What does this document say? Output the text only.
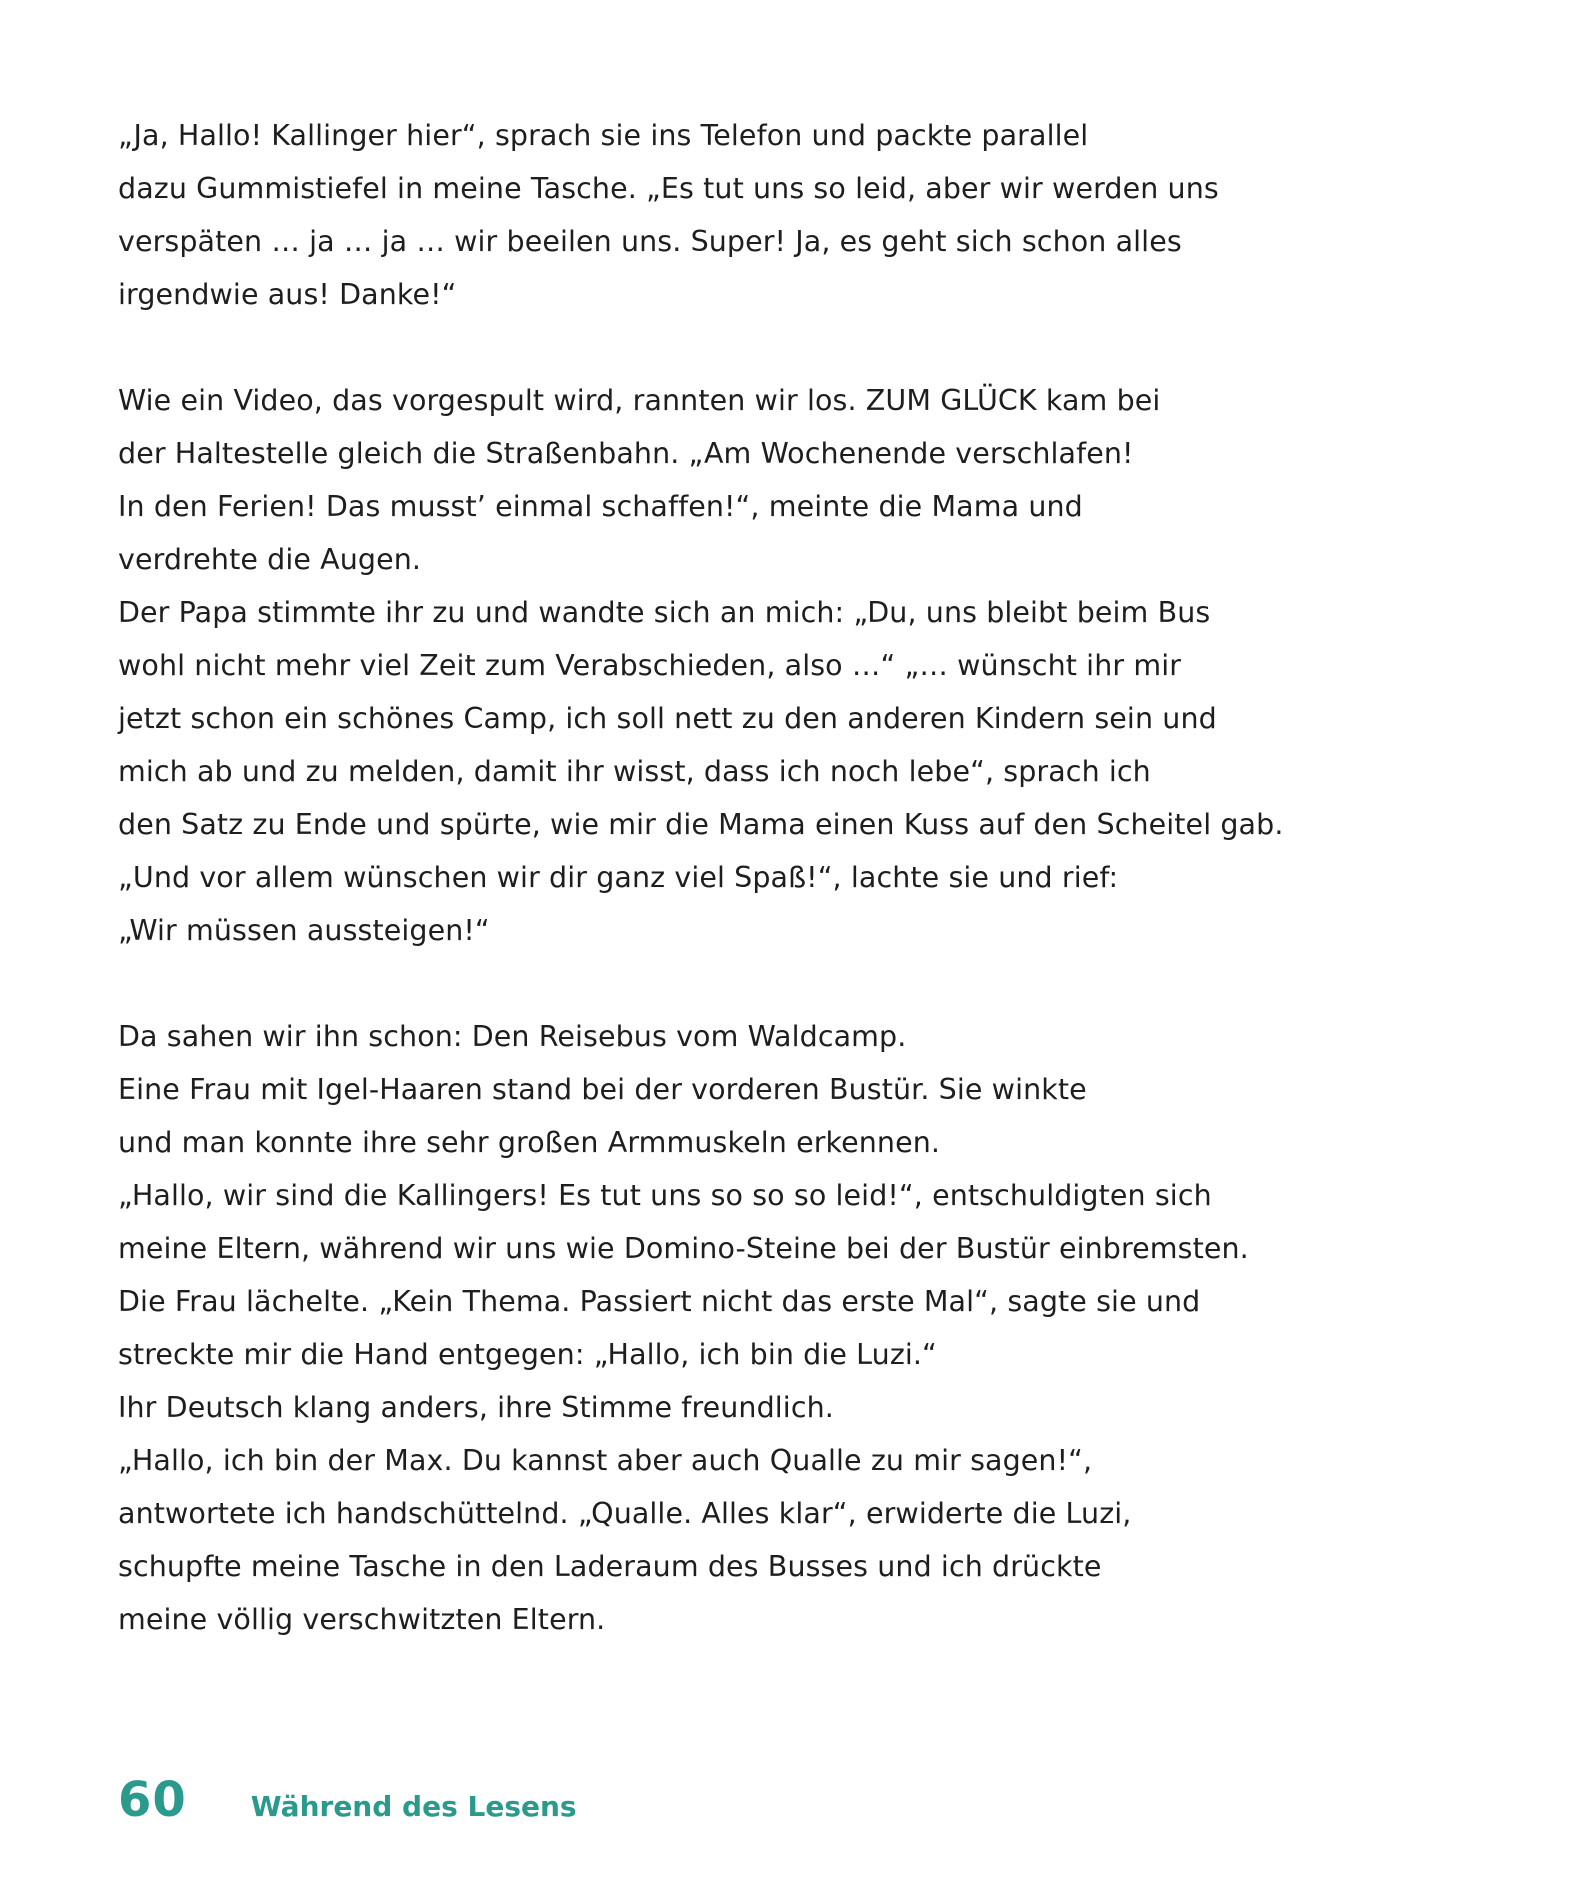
„Ja, Hallo! Kallinger hier“, sprach sie ins Telefon und packte parallel
dazu Gummistiefel in meine Tasche. „Es tut uns so leid, aber wir werden uns
verspäten … ja … ja … wir beeilen uns. Super! Ja, es geht sich schon alles
irgendwie aus! Danke!“
Wie ein Video, das vorgespult wird, rannten wir los. ZUM GLÜCK kam bei
der Haltestelle gleich die Straßenbahn. „Am Wochenende verschlafen!
In den Ferien! Das musst’ einmal schaffen!“, meinte die Mama und
verdrehte die Augen.
Der Papa stimmte ihr zu und wandte sich an mich: „Du, uns bleibt beim Bus
wohl nicht mehr viel Zeit zum Verabschieden, also …“ „… wünscht ihr mir
jetzt schon ein schönes Camp, ich soll nett zu den anderen Kindern sein und
mich ab und zu melden, damit ihr wisst, dass ich noch lebe“, sprach ich
den Satz zu Ende und spürte, wie mir die Mama einen Kuss auf den Scheitel gab.
„Und vor allem wünschen wir dir ganz viel Spaß!“, lachte sie und rief:
„Wir müssen aussteigen!“
Da sahen wir ihn schon: Den Reisebus vom Waldcamp.
Eine Frau mit Igel-Haaren stand bei der vorderen Bustür. Sie winkte
und man konnte ihre sehr großen Armmuskeln erkennen.
„Hallo, wir sind die Kallingers! Es tut uns so so so leid!“, entschuldigten sich
meine Eltern, während wir uns wie Domino-Steine bei der Bustür einbremsten.
Die Frau lächelte. „Kein Thema. Passiert nicht das erste Mal“, sagte sie und
streckte mir die Hand entgegen: „Hallo, ich bin die Luzi.“
Ihr Deutsch klang anders, ihre Stimme freundlich.
„Hallo, ich bin der Max. Du kannst aber auch Qualle zu mir sagen!“,
antwortete ich handschüttelnd. „Qualle. Alles klar“, erwiderte die Luzi,
schupfte meine Tasche in den Laderaum des Busses und ich drückte
meine völlig verschwitzten Eltern.
60 Während des Lesens
